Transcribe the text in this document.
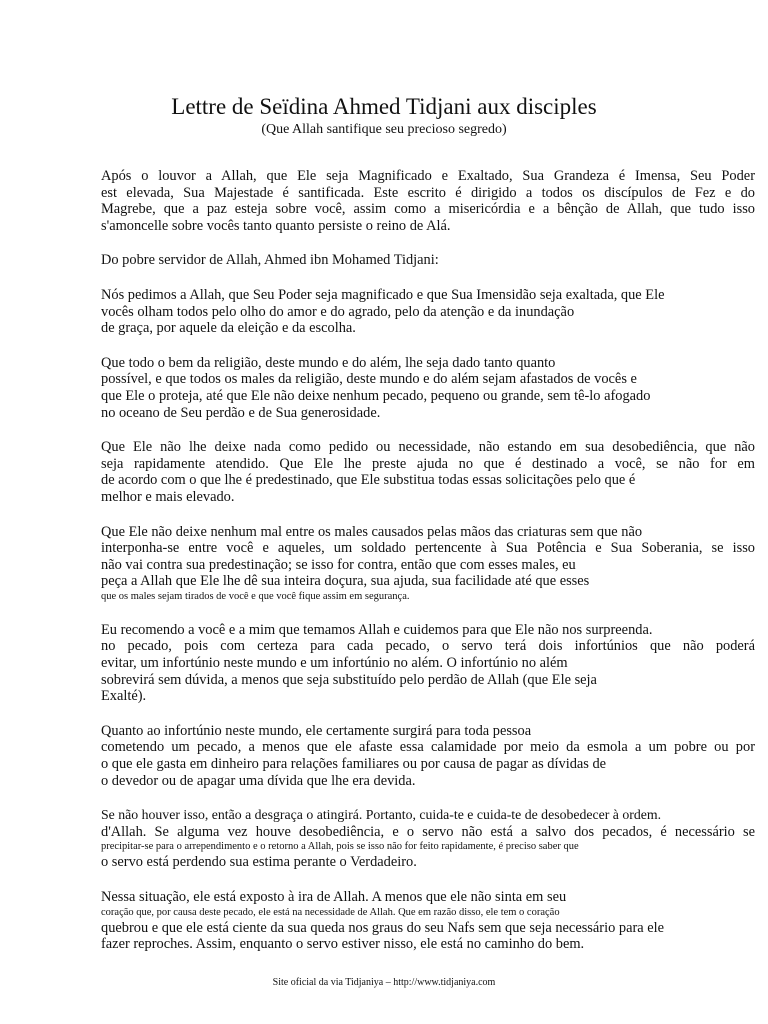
Lettre de Seïdina Ahmed Tidjani aux disciples
(Que Allah santifique seu precioso segredo)

Após o louvor a Allah, que Ele seja Magnificado e Exaltado, Sua Grandeza é Imensa, Seu Poder
est elevada, Sua Majestade é santificada. Este escrito é dirigido a todos os discípulos de Fez e do
Magrebe, que a paz esteja sobre você, assim como a misericórdia e a bênção de Allah, que tudo isso
s'amoncelle sobre vocês tanto quanto persiste o reino de Alá.

Do pobre servidor de Allah, Ahmed ibn Mohamed Tidjani:

Nós pedimos a Allah, que Seu Poder seja magnificado e que Sua Imensidão seja exaltada, que Ele
vocês olham todos pelo olho do amor e do agrado, pelo da atenção e da inundação
de graça, por aquele da eleição e da escolha.

Que todo o bem da religião, deste mundo e do além, lhe seja dado tanto quanto
possível, e que todos os males da religião, deste mundo e do além sejam afastados de vocês e
que Ele o proteja, até que Ele não deixe nenhum pecado, pequeno ou grande, sem tê-lo afogado
no oceano de Seu perdão e de Sua generosidade.

Que Ele não lhe deixe nada como pedido ou necessidade, não estando em sua desobediência, que não
seja rapidamente atendido. Que Ele lhe preste ajuda no que é destinado a você, se não for em
de acordo com o que lhe é predestinado, que Ele substitua todas essas solicitações pelo que é
melhor e mais elevado.

Que Ele não deixe nenhum mal entre os males causados pelas mãos das criaturas sem que não
interponha-se entre você e aqueles, um soldado pertencente à Sua Potência e Sua Soberania, se isso
não vai contra sua predestinação; se isso for contra, então que com esses males, eu
peça a Allah que Ele lhe dê sua inteira doçura, sua ajuda, sua facilidade até que esses
que os males sejam tirados de você e que você fique assim em segurança.

Eu recomendo a você e a mim que temamos Allah e cuidemos para que Ele não nos surpreenda.
no pecado, pois com certeza para cada pecado, o servo terá dois infortúnios que não poderá
evitar, um infortúnio neste mundo e um infortúnio no além. O infortúnio no além
sobrevirá sem dúvida, a menos que seja substituído pelo perdão de Allah (que Ele seja
Exalté).

Quanto ao infortúnio neste mundo, ele certamente surgirá para toda pessoa
cometendo um pecado, a menos que ele afaste essa calamidade por meio da esmola a um pobre ou por
o que ele gasta em dinheiro para relações familiares ou por causa de pagar as dívidas de
o devedor ou de apagar uma dívida que lhe era devida.

Se não houver isso, então a desgraça o atingirá. Portanto, cuida-te e cuida-te de desobedecer à ordem.
d'Allah. Se alguma vez houve desobediência, e o servo não está a salvo dos pecados, é necessário se
precipitar-se para o arrependimento e o retorno a Allah, pois se isso não for feito rapidamente, é preciso saber que
o servo está perdendo sua estima perante o Verdadeiro.

Nessa situação, ele está exposto à ira de Allah. A menos que ele não sinta em seu
coração que, por causa deste pecado, ele está na necessidade de Allah. Que em razão disso, ele tem o coração
quebrou e que ele está ciente da sua queda nos graus do seu Nafs sem que seja necessário para ele
fazer reproches. Assim, enquanto o servo estiver nisso, ele está no caminho do bem.

Site oficial da via Tidjaniya – http://www.tidjaniya.com
